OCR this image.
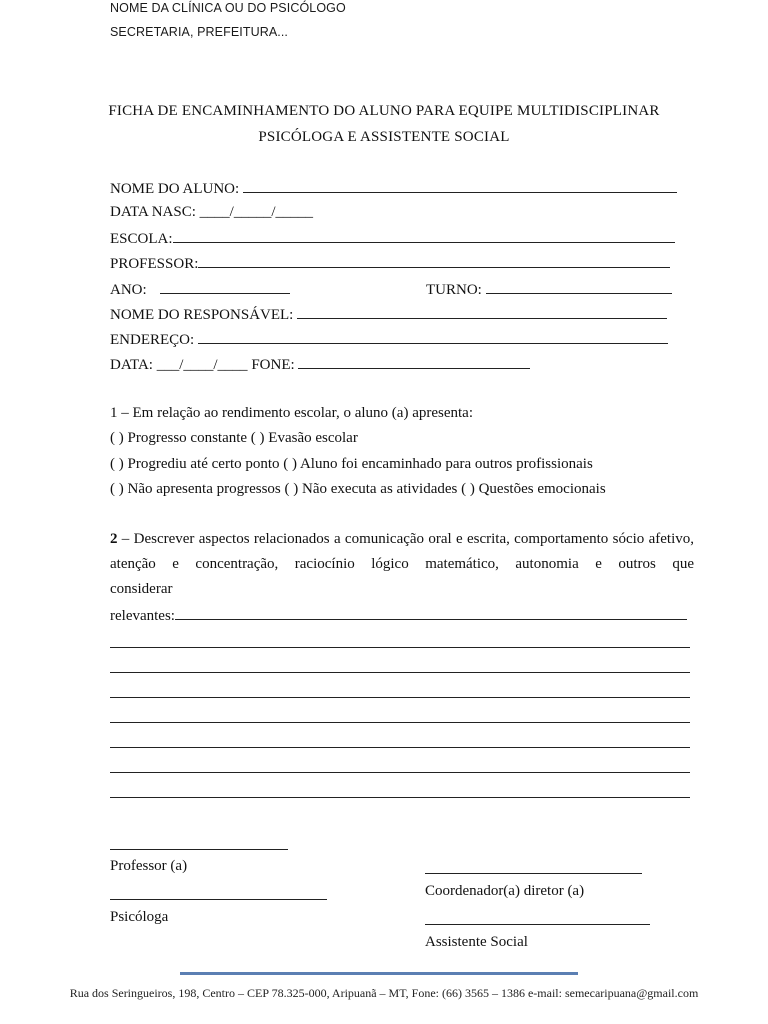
NOME DA CLÍNICA OU DO PSICÓLOGO
SECRETARIA, PREFEITURA...
FICHA DE ENCAMINHAMENTO DO ALUNO PARA EQUIPE MULTIDISCIPLINAR
PSICÓLOGA E ASSISTENTE SOCIAL
NOME DO ALUNO:
DATA NASC: ____/_____/_____
ESCOLA:
PROFESSOR:
ANO:	TURNO:
NOME DO RESPONSÁVEL:
ENDEREÇO:
DATA: ___/____/____ FONE:
1 – Em relação ao rendimento escolar, o aluno (a) apresenta:
( ) Progresso constante ( ) Evasão escolar
( ) Progrediu até certo ponto ( ) Aluno foi encaminhado para outros profissionais
( ) Não apresenta progressos ( ) Não executa as atividades ( ) Questões emocionais
2 – Descrever aspectos relacionados a comunicação oral e escrita, comportamento sócio afetivo, atenção e concentração, raciocínio lógico matemático, autonomia e outros que
considerar
relevantes:
Professor (a)
Coordenador(a) diretor (a)
Psicóloga
Assistente Social
Rua dos Seringueiros, 198, Centro – CEP 78.325-000, Aripuanã – MT, Fone: (66) 3565 – 1386 e-mail: semecaripuana@gmail.com
